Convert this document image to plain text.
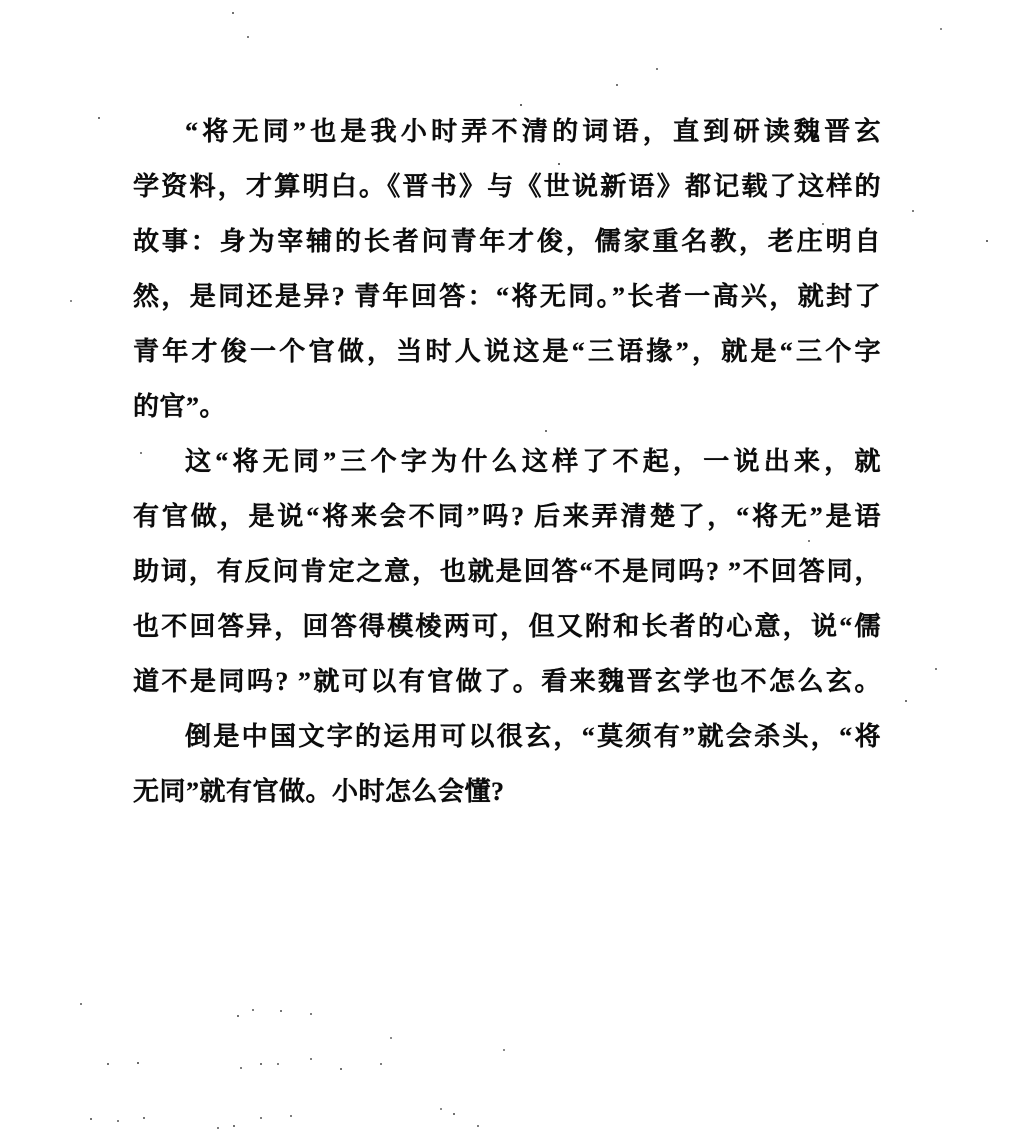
“将无同”也是我小时弄不清的词语，直到研读魏晋玄
学资料，才算明白。《晋书》与《世说新语》都记载了这样的
故事：身为宰辅的长者问青年才俊，儒家重名教，老庄明自
然，是同还是异? 青年回答：“将无同。”长者一高兴，就封了
青年才俊一个官做，当时人说这是“三语掾”，就是“三个字
的官”。
这“将无同”三个字为什么这样了不起，一说出来，就
有官做，是说“将来会不同”吗? 后来弄清楚了，“将无”是语
助词，有反问肯定之意，也就是回答“不是同吗? ”不回答同，
也不回答异，回答得模棱两可，但又附和长者的心意，说“儒
道不是同吗? ”就可以有官做了。看来魏晋玄学也不怎么玄。
倒是中国文字的运用可以很玄，“莫须有”就会杀头，“将
无同”就有官做。小时怎么会懂?
